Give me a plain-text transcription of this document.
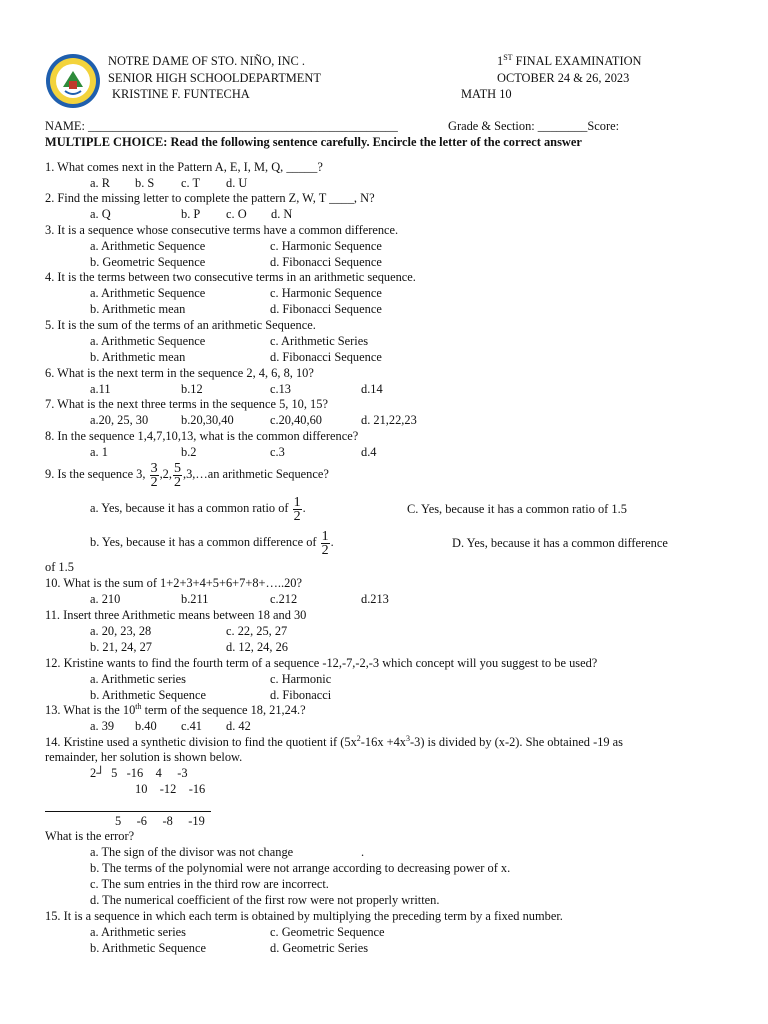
NOTRE DAME OF STO. NIÑO, INC .
SENIOR HIGH SCHOOLDEPARTMENT
KRISTINE F. FUNTECHA
1ST FINAL EXAMINATION
OCTOBER 24 & 26, 2023
MATH 10
NAME: __________________________________________________	Grade & Section: ________Score:
MULTIPLE CHOICE: Read the following sentence carefully. Encircle the letter of the correct answer
1. What comes next in the Pattern A, E, I, M, Q, _____?
a. R b. S c. T d. U
2. Find the missing letter to complete the pattern Z, W, T ____, N?
a. Q	b. P c. O d. N
3. It is a sequence whose consecutive terms have a common difference.
a. Arithmetic Sequence	c. Harmonic Sequence
b. Geometric Sequence	d. Fibonacci Sequence
4. It is the terms between two consecutive terms in an arithmetic sequence.
a. Arithmetic Sequence	c. Harmonic Sequence
b. Arithmetic mean	d. Fibonacci Sequence
5. It is the sum of the terms of an arithmetic Sequence.
a. Arithmetic Sequence	c. Arithmetic Series
b. Arithmetic mean	d. Fibonacci Sequence
6. What is the next term in the sequence 2, 4, 6, 8, 10?
a.11	b.12	c.13	d.14
7. What is the next three terms in the sequence 5, 10, 15?
a.20, 25, 30	b.20,30,40	c.20,40,60	d. 21,22,23
8. In the sequence 1,4,7,10,13, what is the common difference?
a. 1	b.2	c.3	d.4
9. Is the sequence 3, $\frac{3}{2} ,2$, $\frac{5}{2}$ ,3,…an arithmetic Sequence?
a. Yes, because it has a common ratio of $\frac{1}{2}$ .	C. Yes, because it has a common ratio of 1.5
b. Yes, because it has a common difference of $\frac{1}{2}$ .	D. Yes, because it has a common difference
of 1.5
10. What is the sum of 1+2+3+4+5+6+7+8+…..20?
a. 210	b.211	c.212	d.213
11. Insert three Arithmetic means between 18 and 30
a. 20, 23, 28	c. 22, 25, 27
b. 21, 24, 27	d. 12, 24, 26
12. Kristine wants to find the fourth term of a sequence -12,-7,-2,-3 which concept will you suggest to be used?
a. Arithmetic series	c. Harmonic
b. Arithmetic Sequence	d. Fibonacci
13. What is the 10th term of the sequence 18, 21,24.?
a. 39 b.40 c.41 d. 42
14. Kristine used a synthetic division to find the quotient if $(5x^2-16x +4x^3-3)$ is divided by (x-2). She obtained -19 as
remainder, her solution is shown below.
2┘  5   -16    4     -3
10    -12    -16
5     -6     -8     -19
What is the error?
a. The sign of the divisor was not change	.
b. The terms of the polynomial were not arrange according to decreasing power of x.
c. The sum entries in the third row are incorrect.
d. The numerical coefficient of the first row were not properly written.
15. It is a sequence in which each term is obtained by multiplying the preceding term by a fixed number.
a. Arithmetic series	c. Geometric Sequence
b. Arithmetic Sequence	d. Geometric Series
